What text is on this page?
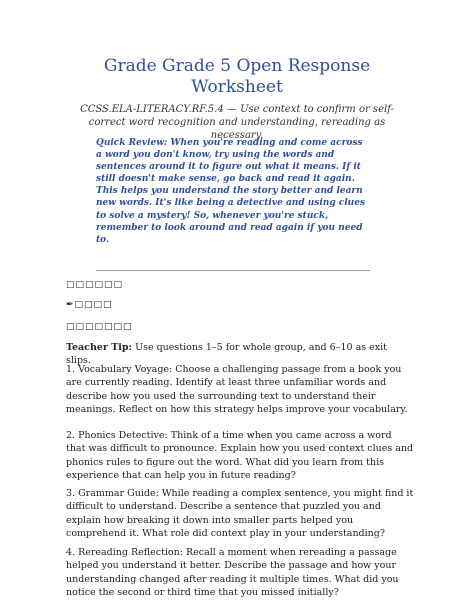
Grade Grade 5 Open Response
Worksheet
CCSS.ELA-LITERACY.RF.5.4 — Use context to confirm or self-correct word recognition and understanding, rereading as necessary.
Quick Review: When you're reading and come across a word you don't know, try using the words and sentences around it to figure out what it means. If it still doesn't make sense, go back and read it again. This helps you understand the story better and learn new words. It's like being a detective and using clues to solve a mystery! So, whenever you're stuck, remember to look around and read again if you need to.
□□□□□□
✒□□□□
□□□□□□□
Teacher Tip: Use questions 1–5 for whole group, and 6–10 as exit slips.
1. Vocabulary Voyage: Choose a challenging passage from a book you are currently reading. Identify at least three unfamiliar words and describe how you used the surrounding text to understand their meanings. Reflect on how this strategy helps improve your vocabulary.
2. Phonics Detective: Think of a time when you came across a word that was difficult to pronounce. Explain how you used context clues and phonics rules to figure out the word. What did you learn from this experience that can help you in future reading?
3. Grammar Guide: While reading a complex sentence, you might find it difficult to understand. Describe a sentence that puzzled you and explain how breaking it down into smaller parts helped you comprehend it. What role did context play in your understanding?
4. Rereading Reflection: Recall a moment when rereading a passage helped you understand it better. Describe the passage and how your understanding changed after reading it multiple times. What did you notice the second or third time that you missed initially?
